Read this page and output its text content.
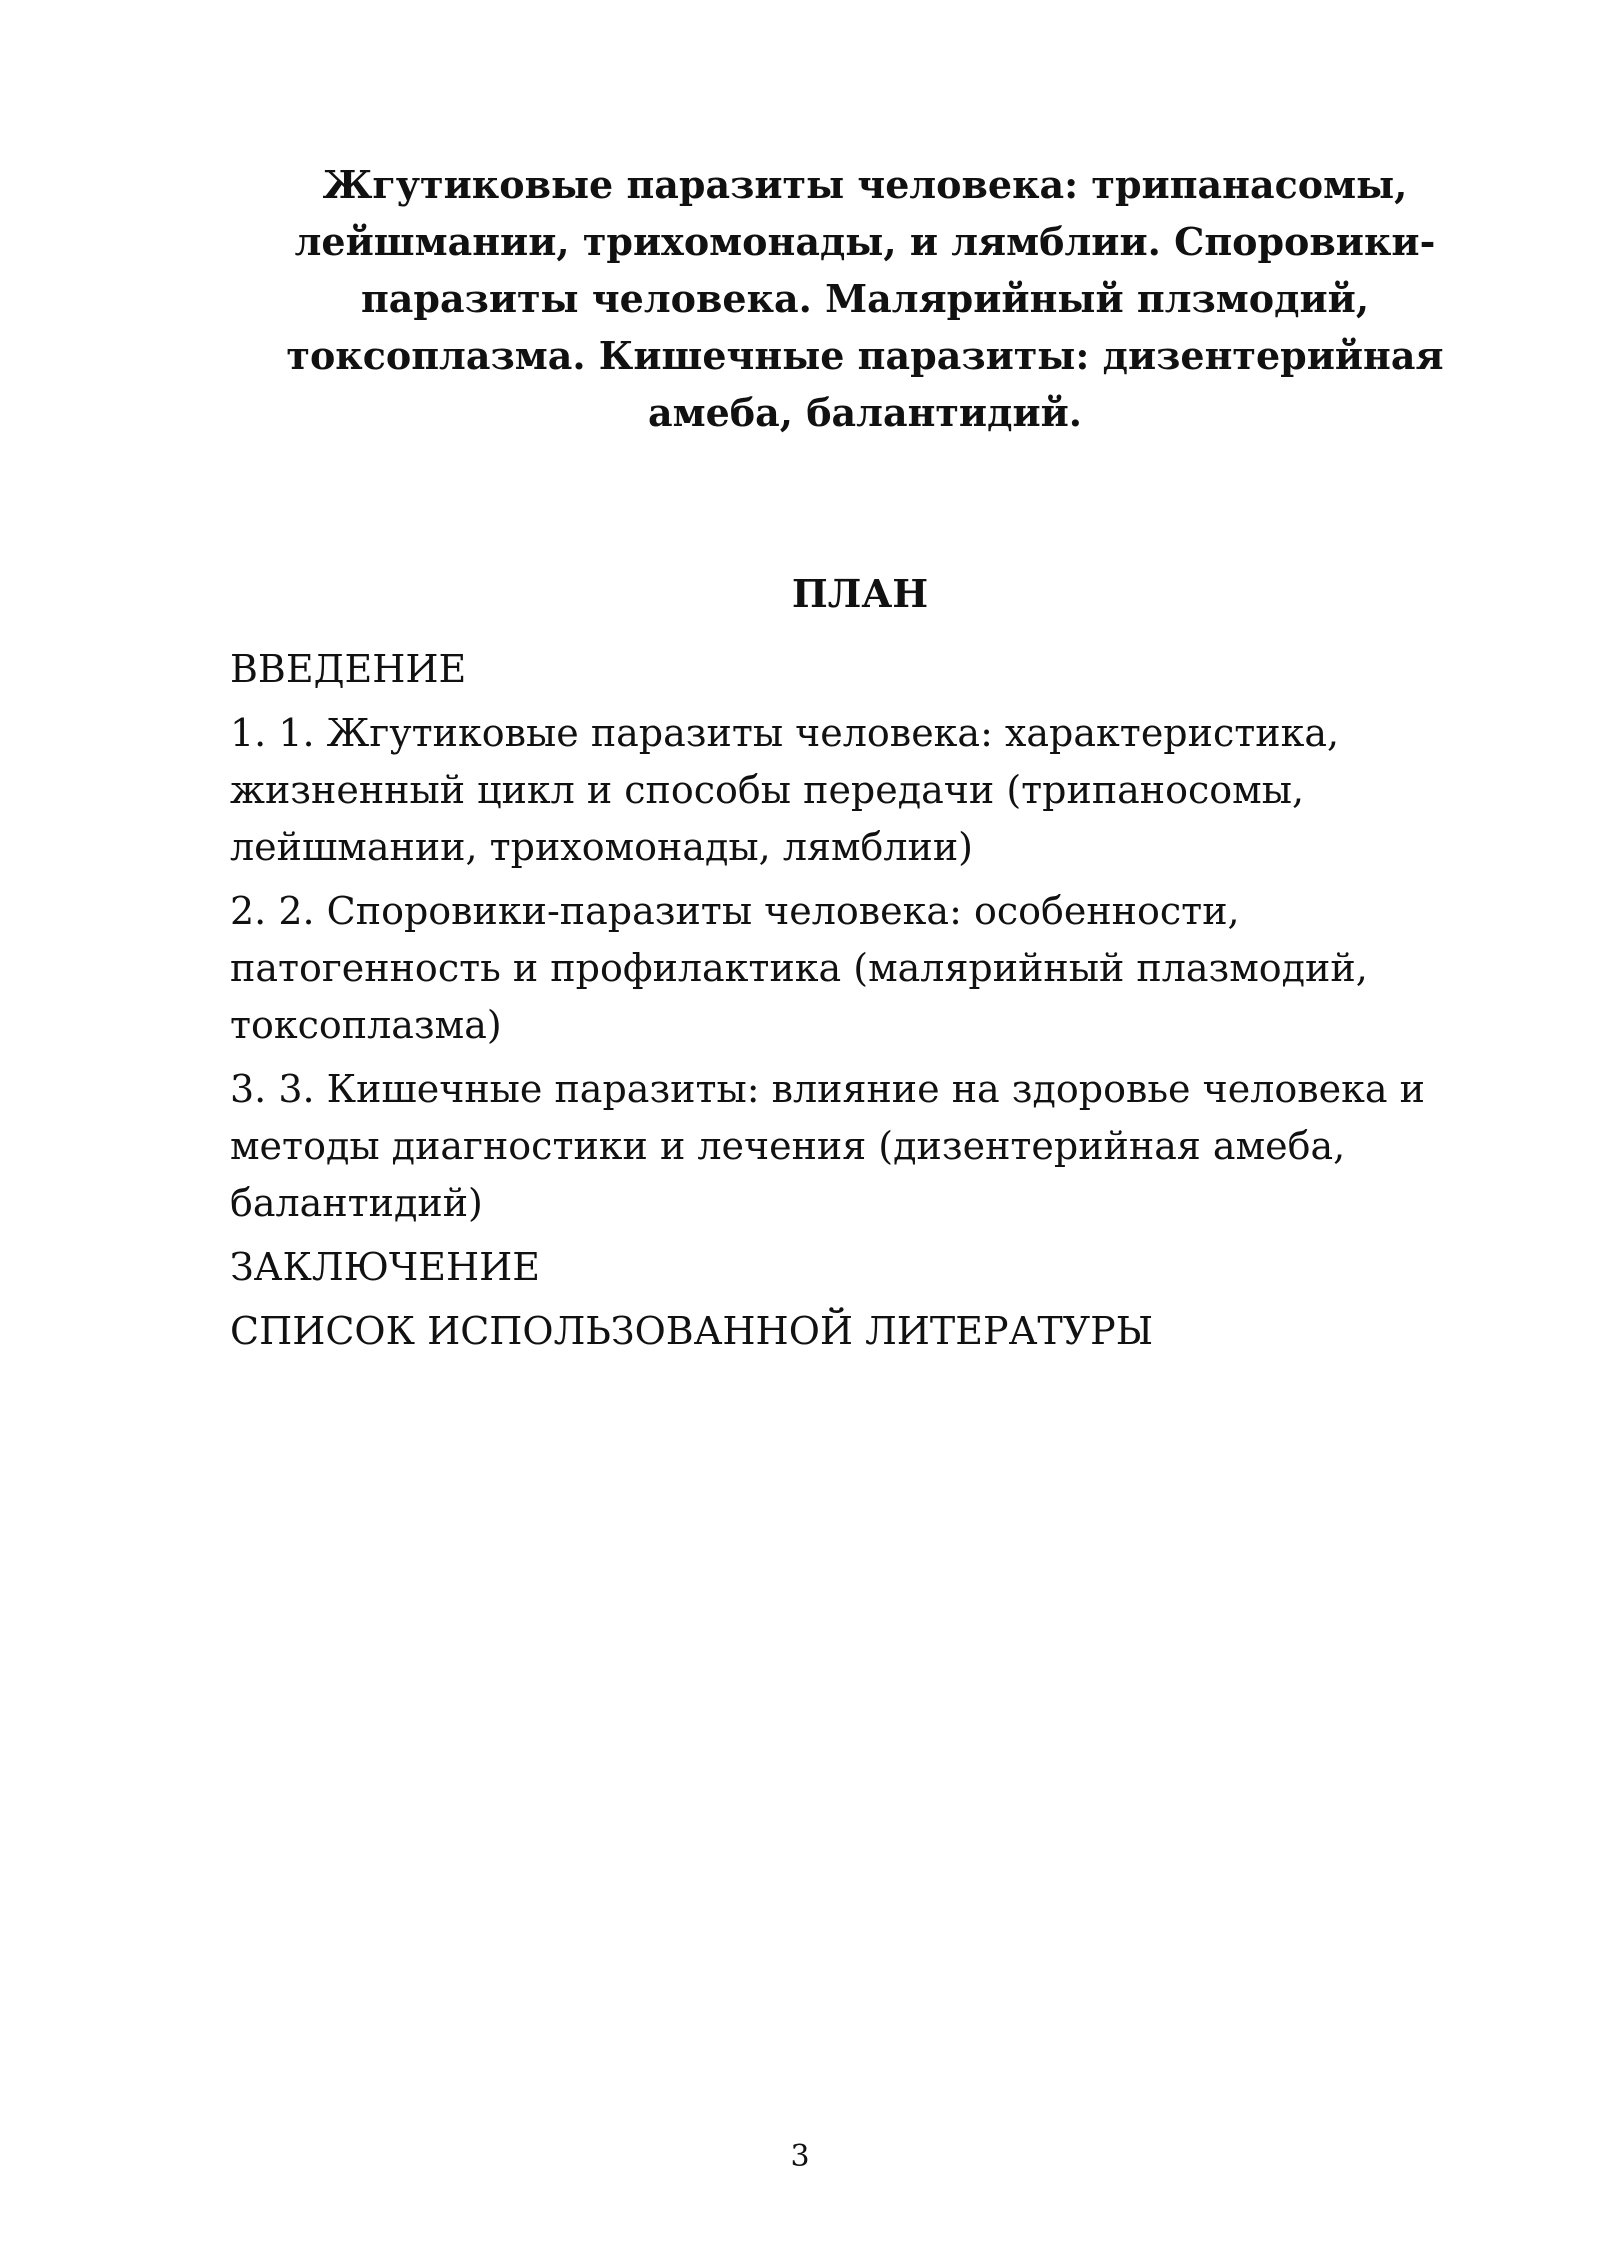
Жгутиковые паразиты человека: трипанасомы, лейшмании, трихомонады, и лямблии. Споровики-паразиты человека. Малярийный плзмодий, токсоплазма. Кишечные паразиты: дизентерийная амеба, балантидий.
ПЛАН
ВВЕДЕНИЕ
1. 1. Жгутиковые паразиты человека: характеристика, жизненный цикл и способы передачи (трипаносомы, лейшмании, трихомонады, лямблии)
2. 2. Споровики-паразиты человека: особенности, патогенность и профилактика (малярийный плазмодий, токсоплазма)
3. 3. Кишечные паразиты: влияние на здоровье человека и методы диагностики и лечения (дизентерийная амеба, балантидий)
ЗАКЛЮЧЕНИЕ
СПИСОК ИСПОЛЬЗОВАННОЙ ЛИТЕРАТУРЫ
3
